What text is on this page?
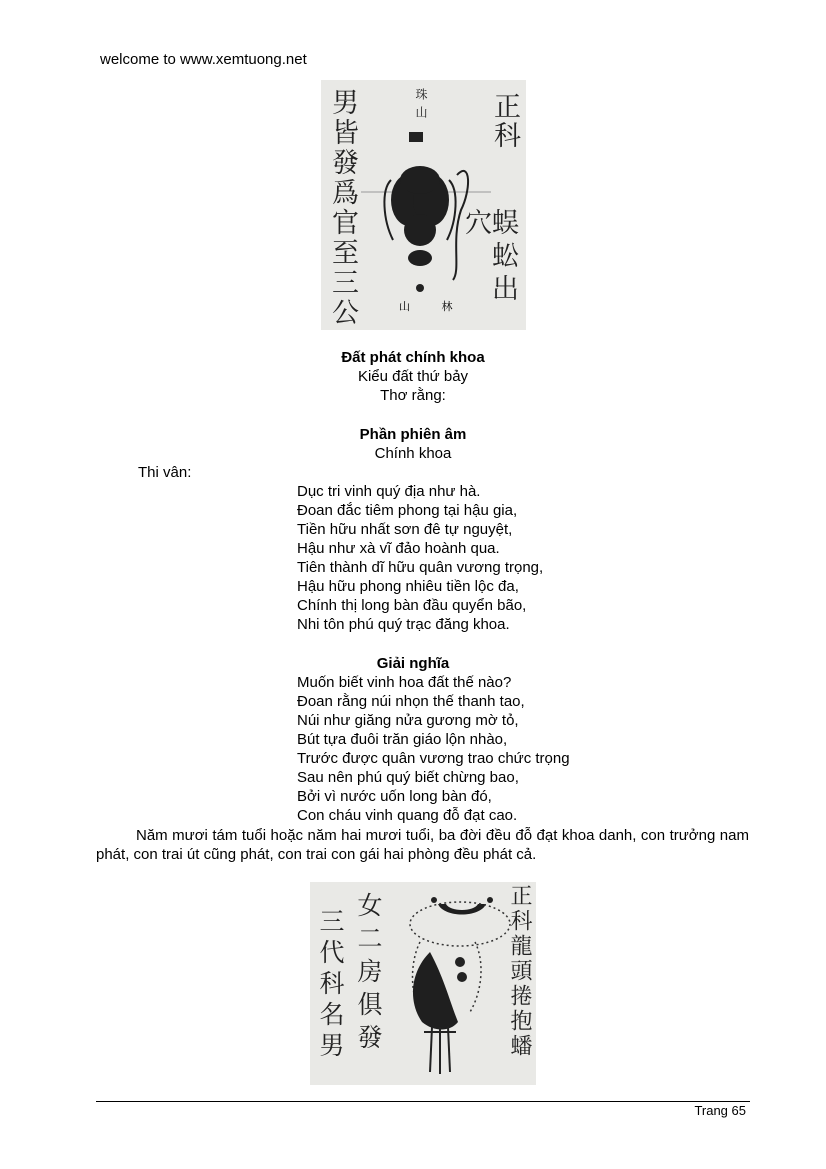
welcome to www.xemtuong.net
男皆發爲官至三公	正科
蜈蚣出穴
珠山
山 林
Đất phát chính khoa
Kiểu đất thứ bảy
Thơ rằng:
Phần phiên âm
Chính khoa
Thi vân:
Dục tri vinh quý địa như hà.
Đoan đắc tiêm phong tại hậu gia,
Tiền hữu nhất sơn đê tự nguyệt,
Hậu như xà vĩ đảo hoành qua.
Tiên thành dĩ hữu quân vương trọng,
Hậu hữu phong nhiêu tiền lộc đa,
Chính thị long bàn đầu quyển bão,
Nhi tôn phú quý trạc đăng khoa.
Giải nghĩa
Muốn biết vinh hoa đất thế nào?
Đoan rằng núi nhọn thế thanh tao,
Núi như giăng nửa gương mờ tỏ,
Bút tựa đuôi trăn giáo lộn nhào,
Trước được quân vương trao chức trọng
Sau nên phú quý biết chừng bao,
Bởi vì nước uốn long bàn đó,
Con cháu vinh quang đỗ đạt cao.
Năm mươi tám tuổi hoặc năm hai mươi tuổi, ba đời đều đỗ đạt khoa danh, con trưởng nam phát, con trai út cũng phát, con trai con gái hai phòng đều phát cả.
三代科名男 女二房俱發	正科龍頭捲抱蟠
Trang 65
